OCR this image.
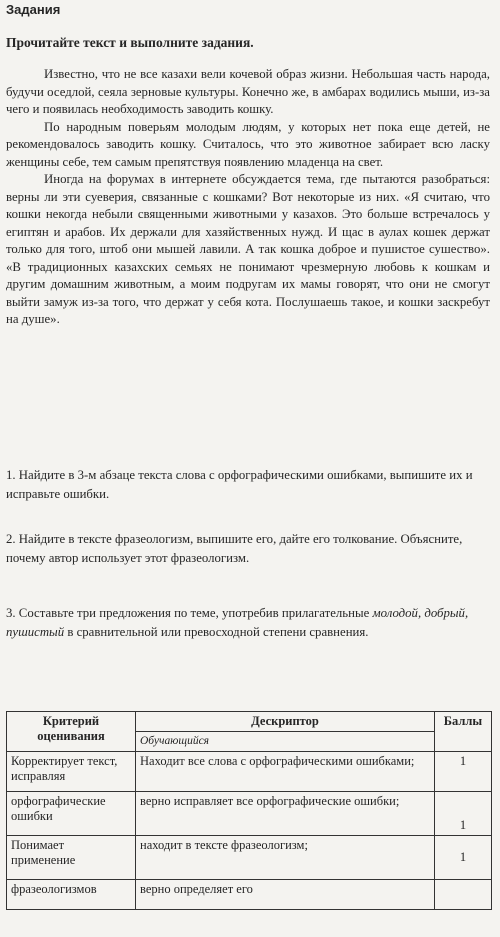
Задания
Прочитайте текст и выполните задания.

Известно, что не все казахи вели кочевой образ жизни. Небольшая часть народа, будучи оседлой, сеяла зерновые культуры. Конечно же, в амбарах водились мыши, из-за чего и появилась необходимость заводить кошку.

По народным поверьям молодым людям, у которых нет пока еще детей, не рекомендовалось заводить кошку. Считалось, что это животное забирает всю ласку женщины себе, тем самым препятствуя появлению младенца на свет.

Иногда на форумах в интернете обсуждается тема, где пытаются разобраться: верны ли эти суеверия, связанные с кошками? Вот некоторые из них. «Я считаю, что кошки некогда небыли священными животными у казахов. Это больше встречалось у египтян и арабов. Их держали для хазяйственных нужд. И щас в аулах кошек держат только для того, штоб они мышей лавили. А так кошка доброе и пушистое сушество». «В традиционных казахских семьях не понимают чрезмерную любовь к кошкам и другим домашним животным, а моим подругам их мамы говорят, что они не смогут выйти замуж из-за того, что держат у себя кота. Послушаешь такое, и кошки заскребут на душе».

1. Найдите в 3-м абзаце текста слова с орфографическими ошибками, выпишите их и исправьте ошибки.
2. Найдите в тексте фразеологизм, выпишите его, дайте его толкование. Объясните, почему автор использует этот фразеологизм.
3. Составьте три предложения по теме, употребив прилагательные молодой, добрый, пушистый в сравнительной или превосходной степени сравнения.
Критерий оценивания	Дескриптор	Баллы
	Обучающийся	
Корректирует текст, исправляя	Находит все слова с орфографическими ошибками;	1
орфографические ошибки	верно исправляет все орфографические ошибки;	1
Понимает применение	находит в тексте фразеологизм;	1
фразеологизмов	верно определяет его	
